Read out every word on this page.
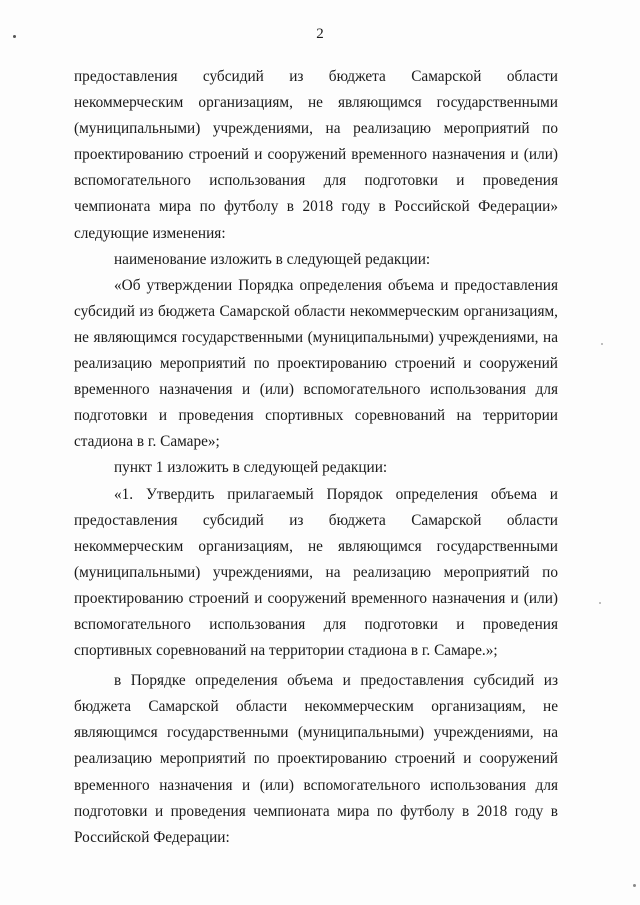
2

предоставления субсидий из бюджета Самарской области некоммерческим организациям, не являющимся государственными (муниципальными) учреждениями, на реализацию мероприятий по проектированию строений и сооружений временного назначения и (или) вспомогательного использования для подготовки и проведения чемпионата мира по футболу в 2018 году в Российской Федерации» следующие изменения:

наименование изложить в следующей редакции:

«Об утверждении Порядка определения объема и предоставления субсидий из бюджета Самарской области некоммерческим организациям, не являющимся государственными (муниципальными) учреждениями, на реализацию мероприятий по проектированию строений и сооружений временного назначения и (или) вспомогательного использования для подготовки и проведения спортивных соревнований на территории стадиона в г. Самаре»;

пункт 1 изложить в следующей редакции:

«1. Утвердить прилагаемый Порядок определения объема и предоставления субсидий из бюджета Самарской области некоммерческим организациям, не являющимся государственными (муниципальными) учреждениями, на реализацию мероприятий по проектированию строений и сооружений временного назначения и (или) вспомогательного использования для подготовки и проведения спортивных соревнований на территории стадиона в г. Самаре.»;

в Порядке определения объема и предоставления субсидий из бюджета Самарской области некоммерческим организациям, не являющимся государственными (муниципальными) учреждениями, на реализацию мероприятий по проектированию строений и сооружений временного назначения и (или) вспомогательного использования для подготовки и проведения чемпионата мира по футболу в 2018 году в Российской Федерации:
